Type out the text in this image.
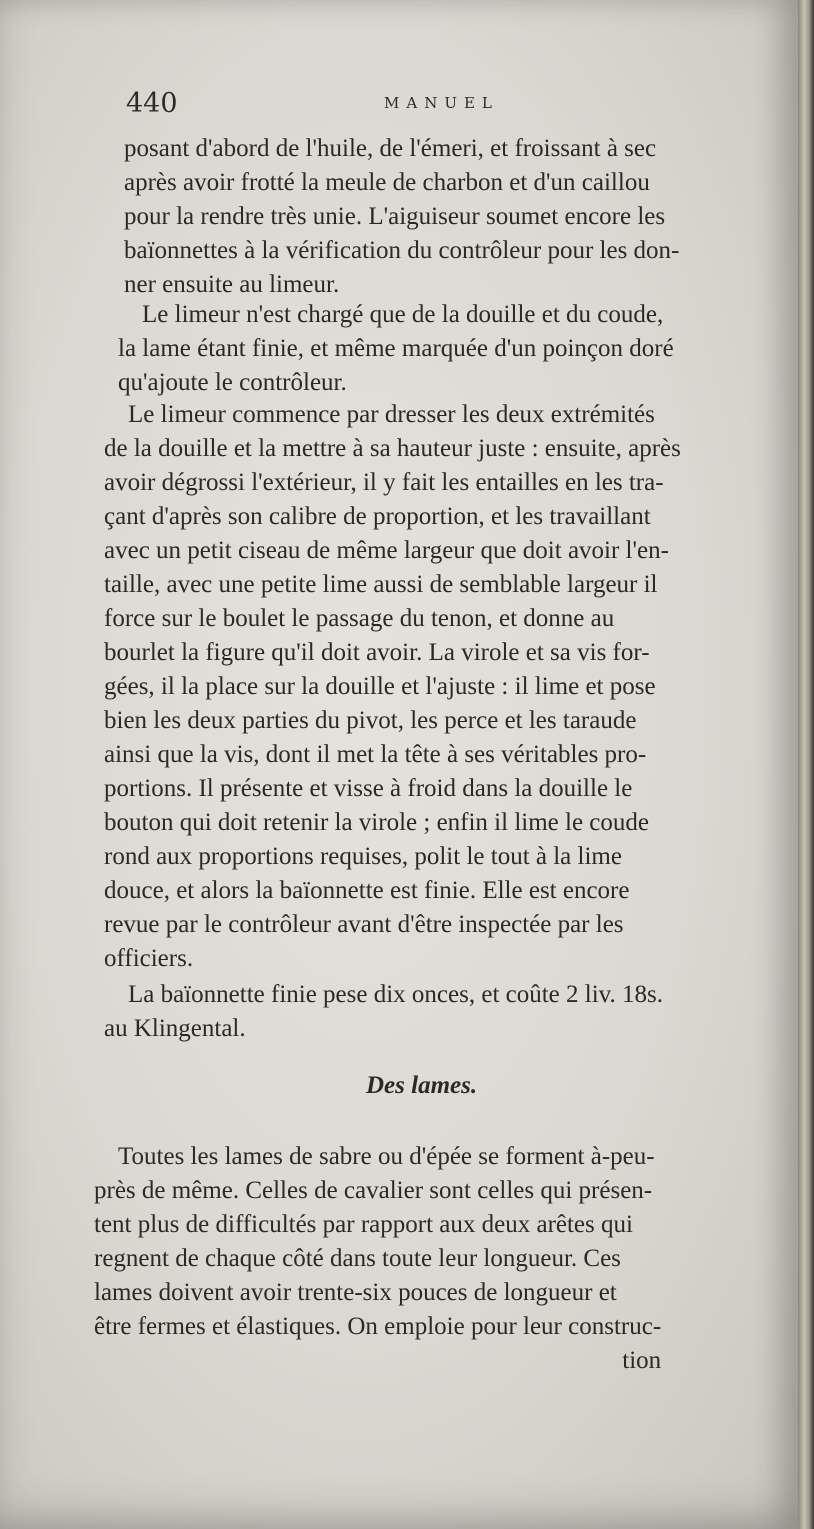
440	MANUEL

posant d'abord de l'huile, de l'émeri, et froissant à sec
après avoir frotté la meule de charbon et d'un caillou
pour la rendre très unie. L'aiguiseur soumet encore les
baïonnettes à la vérification du contrôleur pour les don-
ner ensuite au limeur.

Le limeur n'est chargé que de la douille et du coude,
la lame étant finie, et même marquée d'un poinçon doré
qu'ajoute le contrôleur.

Le limeur commence par dresser les deux extrémités
de la douille et la mettre à sa hauteur juste : ensuite, après
avoir dégrossi l'extérieur, il y fait les entailles en les tra-
çant d'après son calibre de proportion, et les travaillant
avec un petit ciseau de même largeur que doit avoir l'en-
taille, avec une petite lime aussi de semblable largeur il
force sur le boulet le passage du tenon, et donne au
bourlet la figure qu'il doit avoir. La virole et sa vis for-
gées, il la place sur la douille et l'ajuste : il lime et pose
bien les deux parties du pivot, les perce et les taraude
ainsi que la vis, dont il met la tête à ses véritables pro-
portions. Il présente et visse à froid dans la douille le
bouton qui doit retenir la virole ; enfin il lime le coude
rond aux proportions requises, polit le tout à la lime
douce, et alors la baïonnette est finie. Elle est encore
revue par le contrôleur avant d'être inspectée par les
officiers.

La baïonnette finie pese dix onces, et coûte 2 liv. 18s.
au Klingental.

Des lames.

Toutes les lames de sabre ou d'épée se forment à-peu-
près de même. Celles de cavalier sont celles qui présen-
tent plus de difficultés par rapport aux deux arêtes qui
regnent de chaque côté dans toute leur longueur. Ces
lames doivent avoir trente-six pouces de longueur et
être fermes et élastiques. On emploie pour leur construc-
tion
